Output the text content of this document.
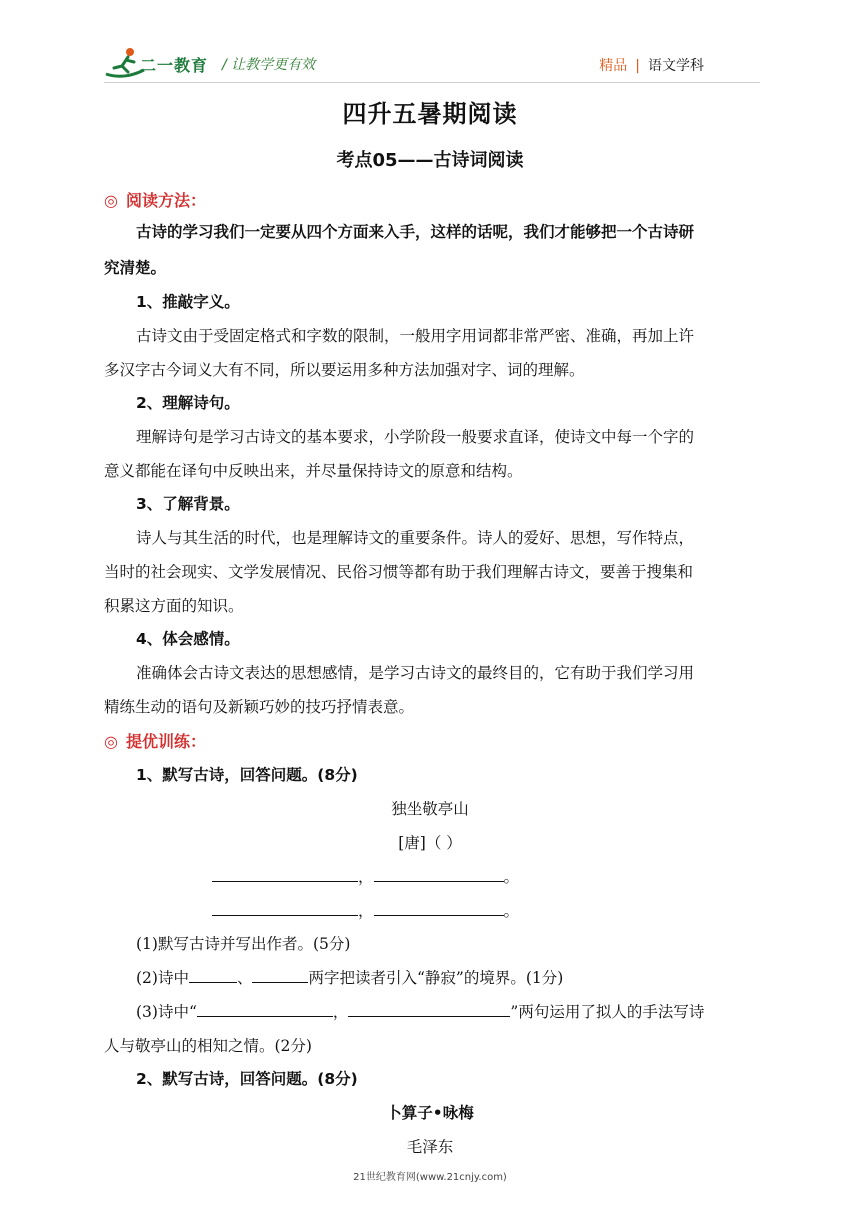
二一教育 / 让教学更有效	精品 | 语文学科
四升五暑期阅读
考点05——古诗词阅读
◎ 阅读方法：
古诗的学习我们一定要从四个方面来入手，这样的话呢，我们才能够把一个古诗研
究清楚。
1、推敲字义。
古诗文由于受固定格式和字数的限制，一般用字用词都非常严密、准确，再加上许
多汉字古今词义大有不同，所以要运用多种方法加强对字、词的理解。
2、理解诗句。
理解诗句是学习古诗文的基本要求，小学阶段一般要求直译，使诗文中每一个字的
意义都能在译句中反映出来，并尽量保持诗文的原意和结构。
3、了解背景。
诗人与其生活的时代，也是理解诗文的重要条件。诗人的爱好、思想，写作特点，
当时的社会现实、文学发展情况、民俗习惯等都有助于我们理解古诗文，要善于搜集和
积累这方面的知识。
4、体会感情。
准确体会古诗文表达的思想感情，是学习古诗文的最终目的，它有助于我们学习用
精练生动的语句及新颖巧妙的技巧抒情表意。
◎ 提优训练：
1、默写古诗，回答问题。(8分)
独坐敬亭山
[唐]（ ）
，	。
，	。
(1)默写古诗并写出作者。(5分)
(2)诗中	、	两字把读者引入“静寂”的境界。(1分)
(3)诗中“	，	”两句运用了拟人的手法写诗
人与敬亭山的相知之情。(2分)
2、默写古诗，回答问题。(8分)
卜算子•咏梅
毛泽东
21世纪教育网(www.21cnjy.com)
